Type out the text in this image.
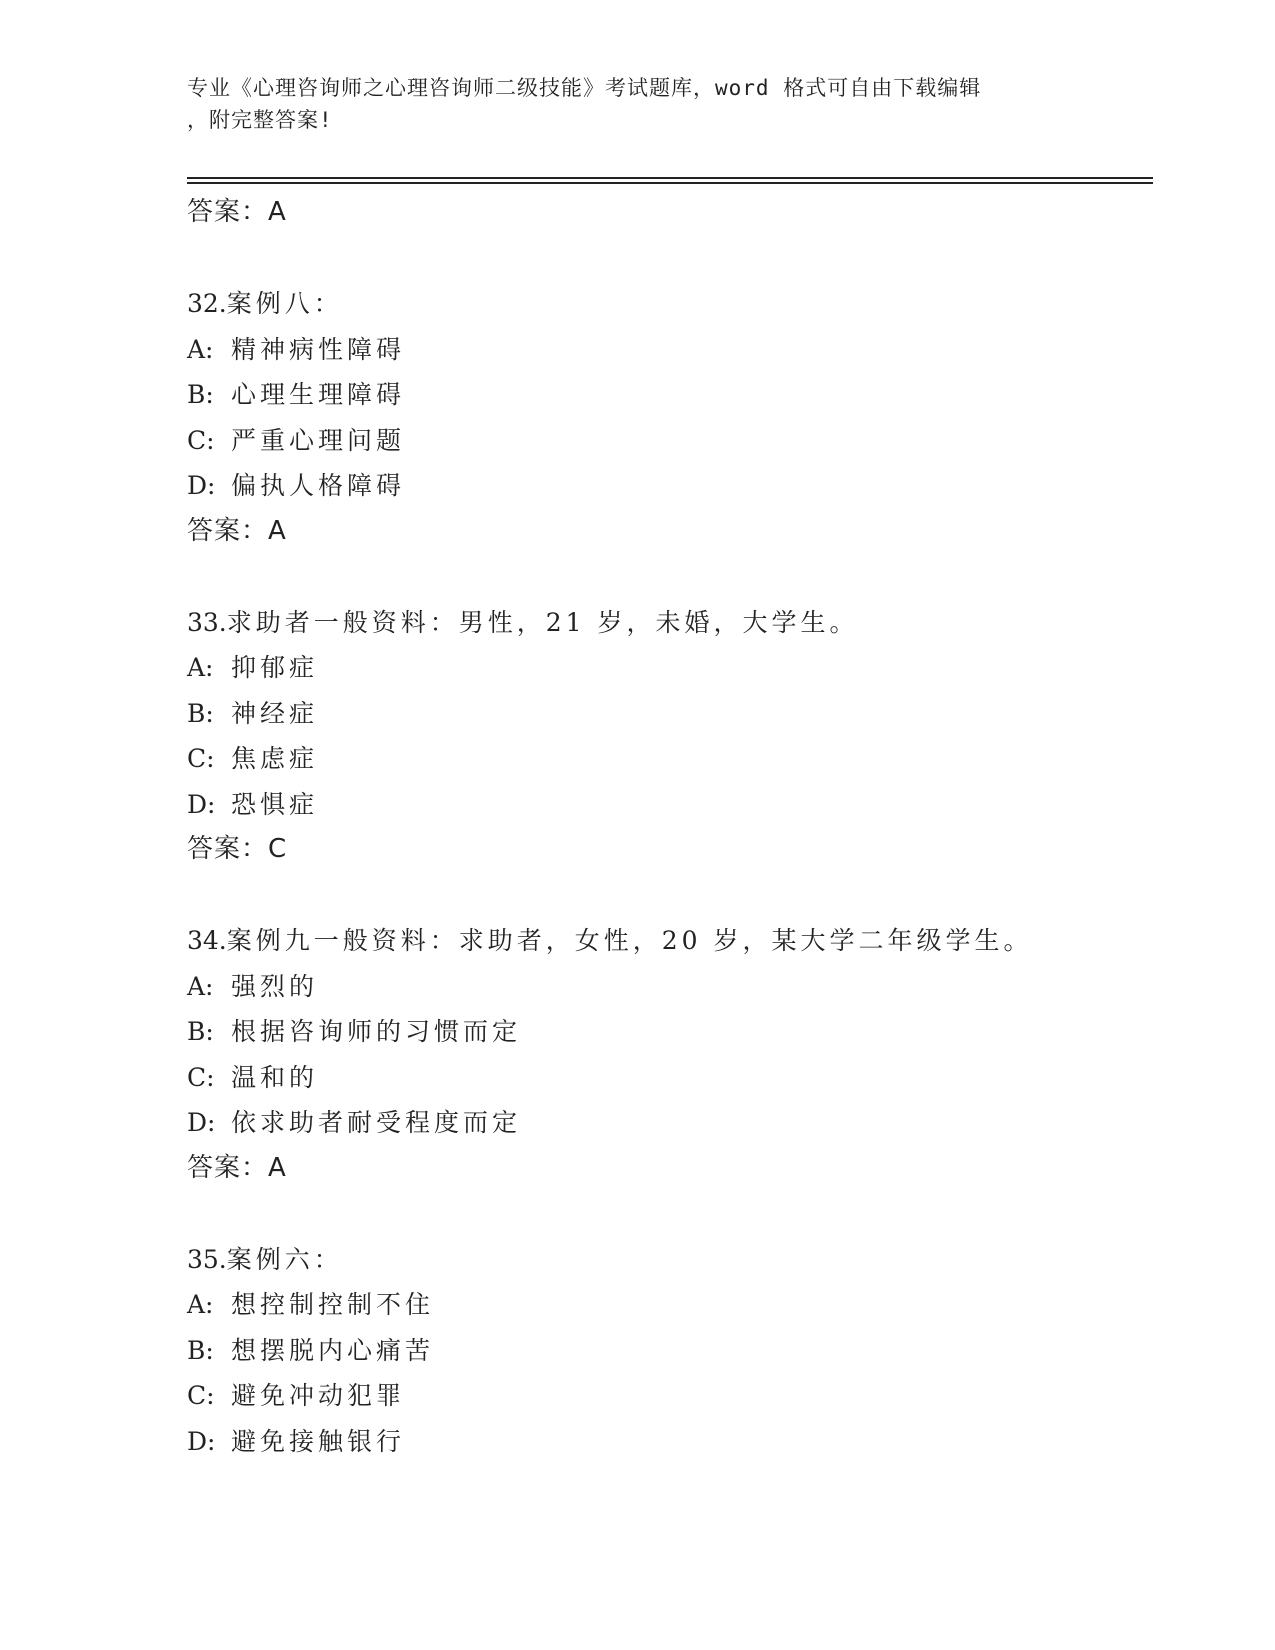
专业《心理咨询师之心理咨询师二级技能》考试题库，word 格式可自由下载编辑
，附完整答案!
答案：A
32.案例八：
A: 精神病性障碍
B: 心理生理障碍
C: 严重心理问题
D: 偏执人格障碍
答案：A
33.求助者一般资料：男性，21 岁，未婚，大学生。
A: 抑郁症
B: 神经症
C: 焦虑症
D: 恐惧症
答案：C
34.案例九一般资料：求助者，女性，20 岁，某大学二年级学生。
A: 强烈的
B: 根据咨询师的习惯而定
C: 温和的
D: 依求助者耐受程度而定
答案：A
35.案例六：
A: 想控制控制不住
B: 想摆脱内心痛苦
C: 避免冲动犯罪
D: 避免接触银行
